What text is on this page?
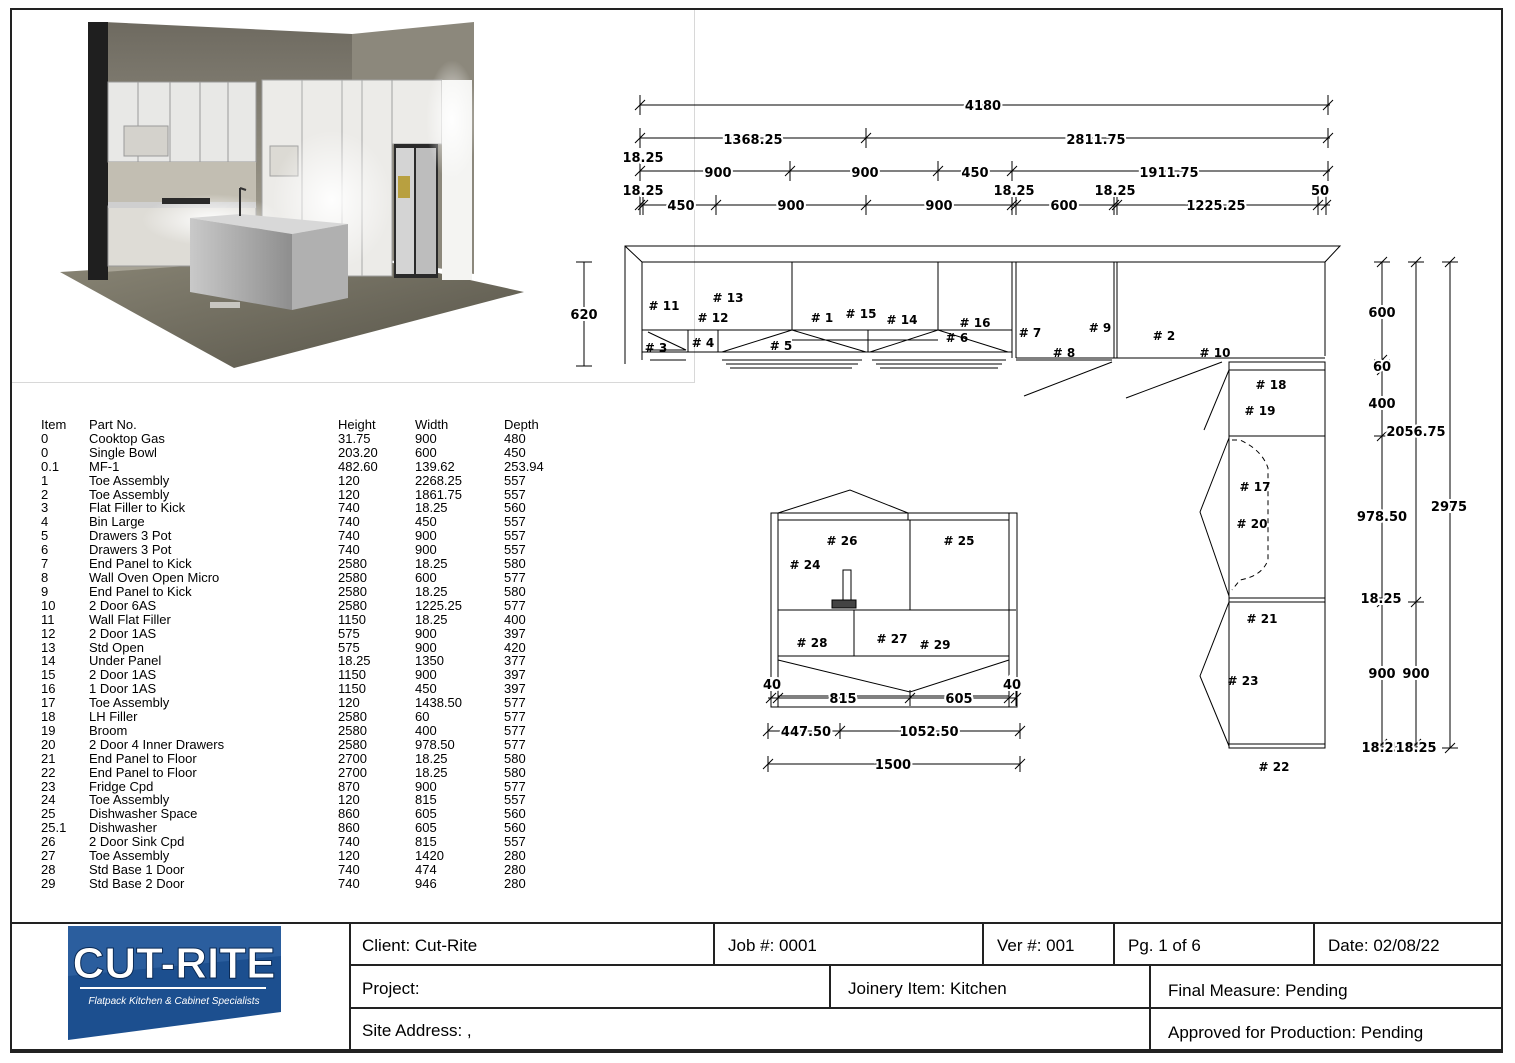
Item	Part No.	Height	Width	Depth
0	Cooktop Gas	31.75	900	480
0	Single Bowl	203.20	600	450
0.1	MF-1	482.60	139.62	253.94
1	Toe Assembly	120	2268.25	557
2	Toe Assembly	120	1861.75	557
3	Flat Filler to Kick	740	18.25	560
4	Bin Large	740	450	557
5	Drawers 3 Pot	740	900	557
6	Drawers 3 Pot	740	900	557
7	End Panel to Kick	2580	18.25	580
8	Wall Oven Open Micro	2580	600	577
9	End Panel to Kick	2580	18.25	580
10	2 Door 6AS	2580	1225.25	577
11	Wall Flat Filler	1150	18.25	400
12	2 Door 1AS	575	900	397
13	Std Open	575	900	420
14	Under Panel	18.25	1350	377
15	2 Door 1AS	1150	900	397
16	1 Door 1AS	1150	450	397
17	Toe Assembly	120	1438.50	577
18	LH Filler	2580	60	577
19	Broom	2580	400	577
20	2 Door 4 Inner Drawers	2580	978.50	577
21	End Panel to Floor	2700	18.25	580
22	End Panel to Floor	2700	18.25	580
23	Fridge Cpd	870	900	577
24	Toe Assembly	120	815	557
25	Dishwasher Space	860	605	560
25.1	Dishwasher	860	605	560
26	2 Door Sink Cpd	740	815	557
27	Toe Assembly	120	1420	280
28	Std Base 1 Door	740	474	280
29	Std Base 2 Door	740	946	280
4180
1368.25	2811.75
18.25
900	900	450	1911.75
18.25
450	900	900
18.25
600
18.25
1225.25
50
620	600
60
400
2056.75
978.50
2975
18.25
900 900
18.25
18.25
40
815	605
40
447.50	1052.50
1500
# 11
# 13
# 12	# 1 # 15 # 14	# 16
# 6
# 3 # 4	# 5
# 7	# 9
# 8
# 2
# 10
# 18
# 19
# 17
# 20
# 21
# 23
# 22
# 26	# 25
# 24
# 28	# 27 # 29
Client: Cut-Rite	Job #: 0001	Ver #: 001	Pg. 1 of 6	Date: 02/08/22
Project:	Joinery Item: Kitchen	Final Measure: Pending
Site Address: ,	Approved for Production: Pending
CUT-RITE
Flatpack Kitchen & Cabinet Specialists
